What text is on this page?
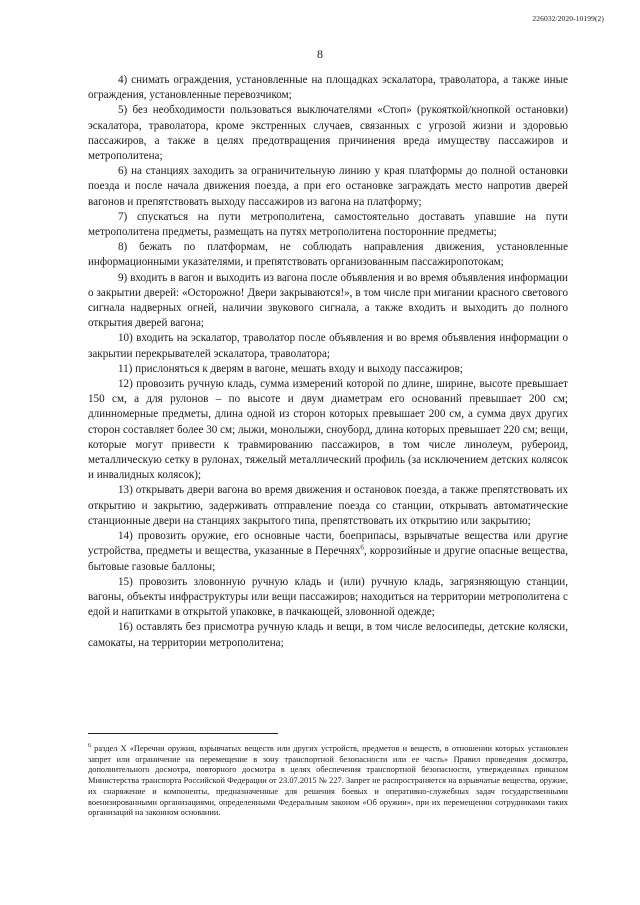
226032/2020-10199(2)
8

4) снимать ограждения, установленные на площадках эскалатора, траволатора, а также иные ограждения, установленные перевозчиком;

5) без необходимости пользоваться выключателями «Стоп» (рукояткой/кнопкой остановки) эскалатора, траволатора, кроме экстренных случаев, связанных с угрозой жизни и здоровью пассажиров, а также в целях предотвращения причинения вреда имуществу пассажиров и метрополитена;

6) на станциях заходить за ограничительную линию у края платформы до полной остановки поезда и после начала движения поезда, а при его остановке заграждать место напротив дверей вагонов и препятствовать выходу пассажиров из вагона на платформу;

7) спускаться на пути метрополитена, самостоятельно доставать упавшие на пути метрополитена предметы, размещать на путях метрополитена посторонние предметы;

8) бежать по платформам, не соблюдать направления движения, установленные информационными указателями, и препятствовать организованным пассажиропотокам;

9) входить в вагон и выходить из вагона после объявления и во время объявления информации о закрытии дверей: «Осторожно! Двери закрываются!», в том числе при мигании красного светового сигнала надверных огней, наличии звукового сигнала, а также входить и выходить до полного открытия дверей вагона;

10) входить на эскалатор, траволатор после объявления и во время объявления информации о закрытии перекрывателей эскалатора, траволатора;

11) прислоняться к дверям в вагоне, мешать входу и выходу пассажиров;

12) провозить ручную кладь, сумма измерений которой по длине, ширине, высоте превышает 150 см, а для рулонов – по высоте и двум диаметрам его оснований превышает 200 см; длинномерные предметы, длина одной из сторон которых превышает 200 см, а сумма двух других сторон составляет более 30 см; лыжи, монолыжи, сноуборд, длина которых превышает 220 см; вещи, которые могут привести к травмированию пассажиров, в том числе линолеум, рубероид, металлическую сетку в рулонах, тяжелый металлический профиль (за исключением детских колясок и инвалидных колясок);

13) открывать двери вагона во время движения и остановок поезда, а также препятствовать их открытию и закрытию, задерживать отправление поезда со станции, открывать автоматические станционные двери на станциях закрытого типа, препятствовать их открытию или закрытию;

14) провозить оружие, его основные части, боеприпасы, взрывчатые вещества или другие устройства, предметы и вещества, указанные в Перечнях$^6$, коррозийные и другие опасные вещества, бытовые газовые баллоны;

15) провозить зловонную ручную кладь и (или) ручную кладь, загрязняющую станции, вагоны, объекты инфраструктуры или вещи пассажиров; находиться на территории метрополитена с едой и напитками в открытой упаковке, в пачкающей, зловонной одежде;

16) оставлять без присмотра ручную кладь и вещи, в том числе велосипеды, детские коляски, самокаты, на территории метрополитена;

$^6$ раздел X «Перечни оружия, взрывчатых веществ или других устройств, предметов и веществ, в отношении которых установлен запрет или ограничение на перемещение в зону транспортной безопасности или ее часть» Правил проведения досмотра, дополнительного досмотра, повторного досмотра в целях обеспечения транспортной безопасности, утвержденных приказом Министерства транспорта Российской Федерации от 23.07.2015 № 227. Запрет не распространяется на взрывчатые вещества, оружие, их снаряжение и компоненты, предназначенные для решения боевых и оперативно-служебных задач государственными военизированными организациями, определенными Федеральным законом «Об оружии», при их перемещении сотрудниками таких организаций на законном основании.
